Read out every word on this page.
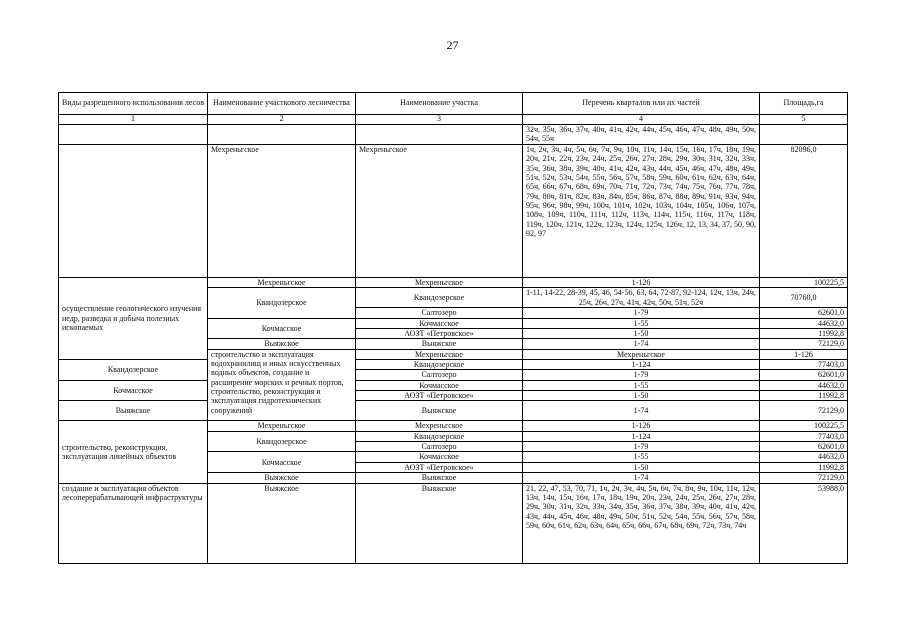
27
Виды разрешенного использования лесов	Наименование участкового лесничества	Наименование участка	Перечень кварталов или их частей	Площадь,га	
1	2	3	4	5	
			32ч, 35ч, 36ч, 37ч, 40ч, 41ч, 42ч, 44ч, 45ч, 46ч, 47ч, 48ч, 49ч, 50ч, 54ч, 55ч		
	Мехреньгское	Мехреньгское	1ч, 2ч, 3ч, 4ч, 5ч, 6ч, 7ч, 9ч, 10ч, 11ч, 14ч, 15ч, 16ч, 17ч, 18ч, 19ч, 20ч, 21ч, 22ч, 23ч, 24ч, 25ч, 26ч, 27ч, 28ч, 29ч, 30ч, 31ч, 32ч, 33ч, 35ч, 36ч, 38ч, 39ч, 40ч, 41ч, 42ч, 43ч, 44ч, 45ч, 46ч, 47ч, 48ч, 49ч, 51ч, 52ч, 53ч, 54ч, 55ч, 56ч, 57ч, 58ч, 59ч, 60ч, 61ч, 62ч, 63ч, 64ч, 65ч, 66ч, 67ч, 68ч, 69ч, 70ч, 71ч, 72ч, 73ч, 74ч, 75ч, 76ч, 77ч, 78ч, 79ч, 80ч, 81ч, 82ч, 83ч, 84ч, 85ч, 86ч, 87ч, 88ч, 89ч, 91ч, 93ч, 94ч, 95ч, 96ч, 98ч, 99ч, 100ч, 101ч, 102ч, 103ч, 104ч, 105ч, 106ч, 107ч, 108ч, 109ч, 110ч, 111ч, 112ч, 113ч, 114ч, 115ч, 116ч, 117ч, 118ч, 119ч, 120ч, 121ч, 122ч, 123ч, 124ч, 125ч, 126ч, 12, 13, 34, 37, 50, 90, 92, 97	82096,0	
осуществление геологического изучения недр, разведка и добыча полезных ископаемых	Мехреньгское	Мехреньгское	1-126	100225,5	
	Квандозерское	Квандозерское	1-11, 14-22, 28-39, 45, 46, 54-56, 63, 64, 72-87, 92-124, 12ч, 13ч, 24ч, 25ч, 26ч, 27ч, 41ч, 42ч, 50ч, 51ч, 52ч	70760,0	
		Салтозеро	1-79	62601,0	
	Кочмасское	Кочмасское	1-55	44632,0	
		АОЗТ «Петровское»	1-50	11992,8	
	Выяжское	Выяжское	1-74	72129,0	
	строительство и эксплуатация водохранилищ и иных искусственных водных объектов, создание и расширение морских и речных портов, строительство, реконструкция и эксплуатация гидротехнических сооружений	Мехреньгское	Мехреньгское	1-126	
Квандозерское		Квандозерское	1-124	77403,0	
		Салтозеро	1-79	62601,0	
Кочмасское		Кочмасское	1-55	44632,0	
		АОЗТ «Петровское»	1-50	11992,8	
Выяжское		Выяжское	1-74	72129,0	
строительство, реконструкция, эксплуатация линейных объектов	Мехреньгское	Мехреньгское	1-126	100225,5	
	Квандозерское	Квандозерское	1-124	77403,0	
		Салтозеро	1-79	62601,0	
	Кочмасское	Кочмасское	1-55	44632,0	
		АОЗТ «Петровское»	1-50	11992,8	
	Выяжское	Выяжское	1-74	72129,0	
создание и эксплуатация объектов лесоперерабатывающей инфраструктуры	Выяжское	Выяжское	21, 22, 47, 53, 70, 71, 1ч, 2ч, 3ч, 4ч, 5ч, 6ч, 7ч, 8ч, 9ч, 10ч, 11ч, 12ч, 13ч, 14ч, 15ч, 16ч, 17ч, 18ч, 19ч, 20ч, 23ч, 24ч, 25ч, 26ч, 27ч, 28ч, 29ч, 30ч, 31ч, 32ч, 33ч, 34ч, 35ч, 36ч, 37ч, 38ч, 39ч, 40ч, 41ч, 42ч, 43ч, 44ч, 45ч, 46ч, 48ч, 49ч, 50ч, 51ч, 52ч, 54ч, 55ч, 56ч, 57ч, 58ч, 59ч, 60ч, 61ч, 62ч, 63ч, 64ч, 65ч, 66ч, 67ч, 68ч, 69ч, 72ч, 73ч, 74ч	53988,0	
